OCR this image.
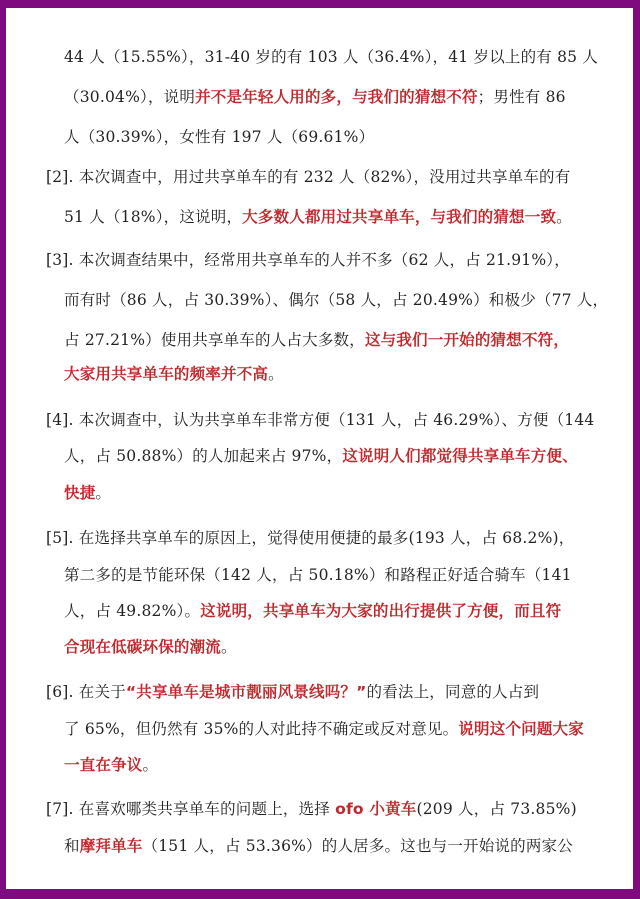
44 人（15.55%），31-40 岁的有 103 人（36.4%），41 岁以上的有 85 人
（30.04%），说明并不是年轻人用的多，与我们的猜想不符；男性有 86
人（30.39%），女性有 197 人（69.61%）
[2]. 本次调查中，用过共享单车的有 232 人（82%），没用过共享单车的有
51 人（18%），这说明，大多数人都用过共享单车，与我们的猜想一致。
[3]. 本次调查结果中，经常用共享单车的人并不多（62 人，占 21.91%），
而有时（86 人，占 30.39%）、偶尔（58 人，占 20.49%）和极少（77 人，
占 27.21%）使用共享单车的人占大多数，这与我们一开始的猜想不符，
大家用共享单车的频率并不高。
[4]. 本次调查中，认为共享单车非常方便（131 人，占 46.29%）、方便（144
人，占 50.88%）的人加起来占 97%，这说明人们都觉得共享单车方便、
快捷。
[5]. 在选择共享单车的原因上，觉得使用便捷的最多(193 人，占 68.2%)，
第二多的是节能环保（142 人，占 50.18%）和路程正好适合骑车（141
人，占 49.82%）。这说明，共享单车为大家的出行提供了方便，而且符
合现在低碳环保的潮流。
[6]. 在关于“共享单车是城市靓丽风景线吗？”的看法上，同意的人占到
了 65%，但仍然有 35%的人对此持不确定或反对意见。说明这个问题大家
一直在争议。
[7]. 在喜欢哪类共享单车的问题上，选择 ofo 小黄车(209 人，占 73.85%)
和摩拜单车（151 人，占 53.36%）的人居多。这也与一开始说的两家公
